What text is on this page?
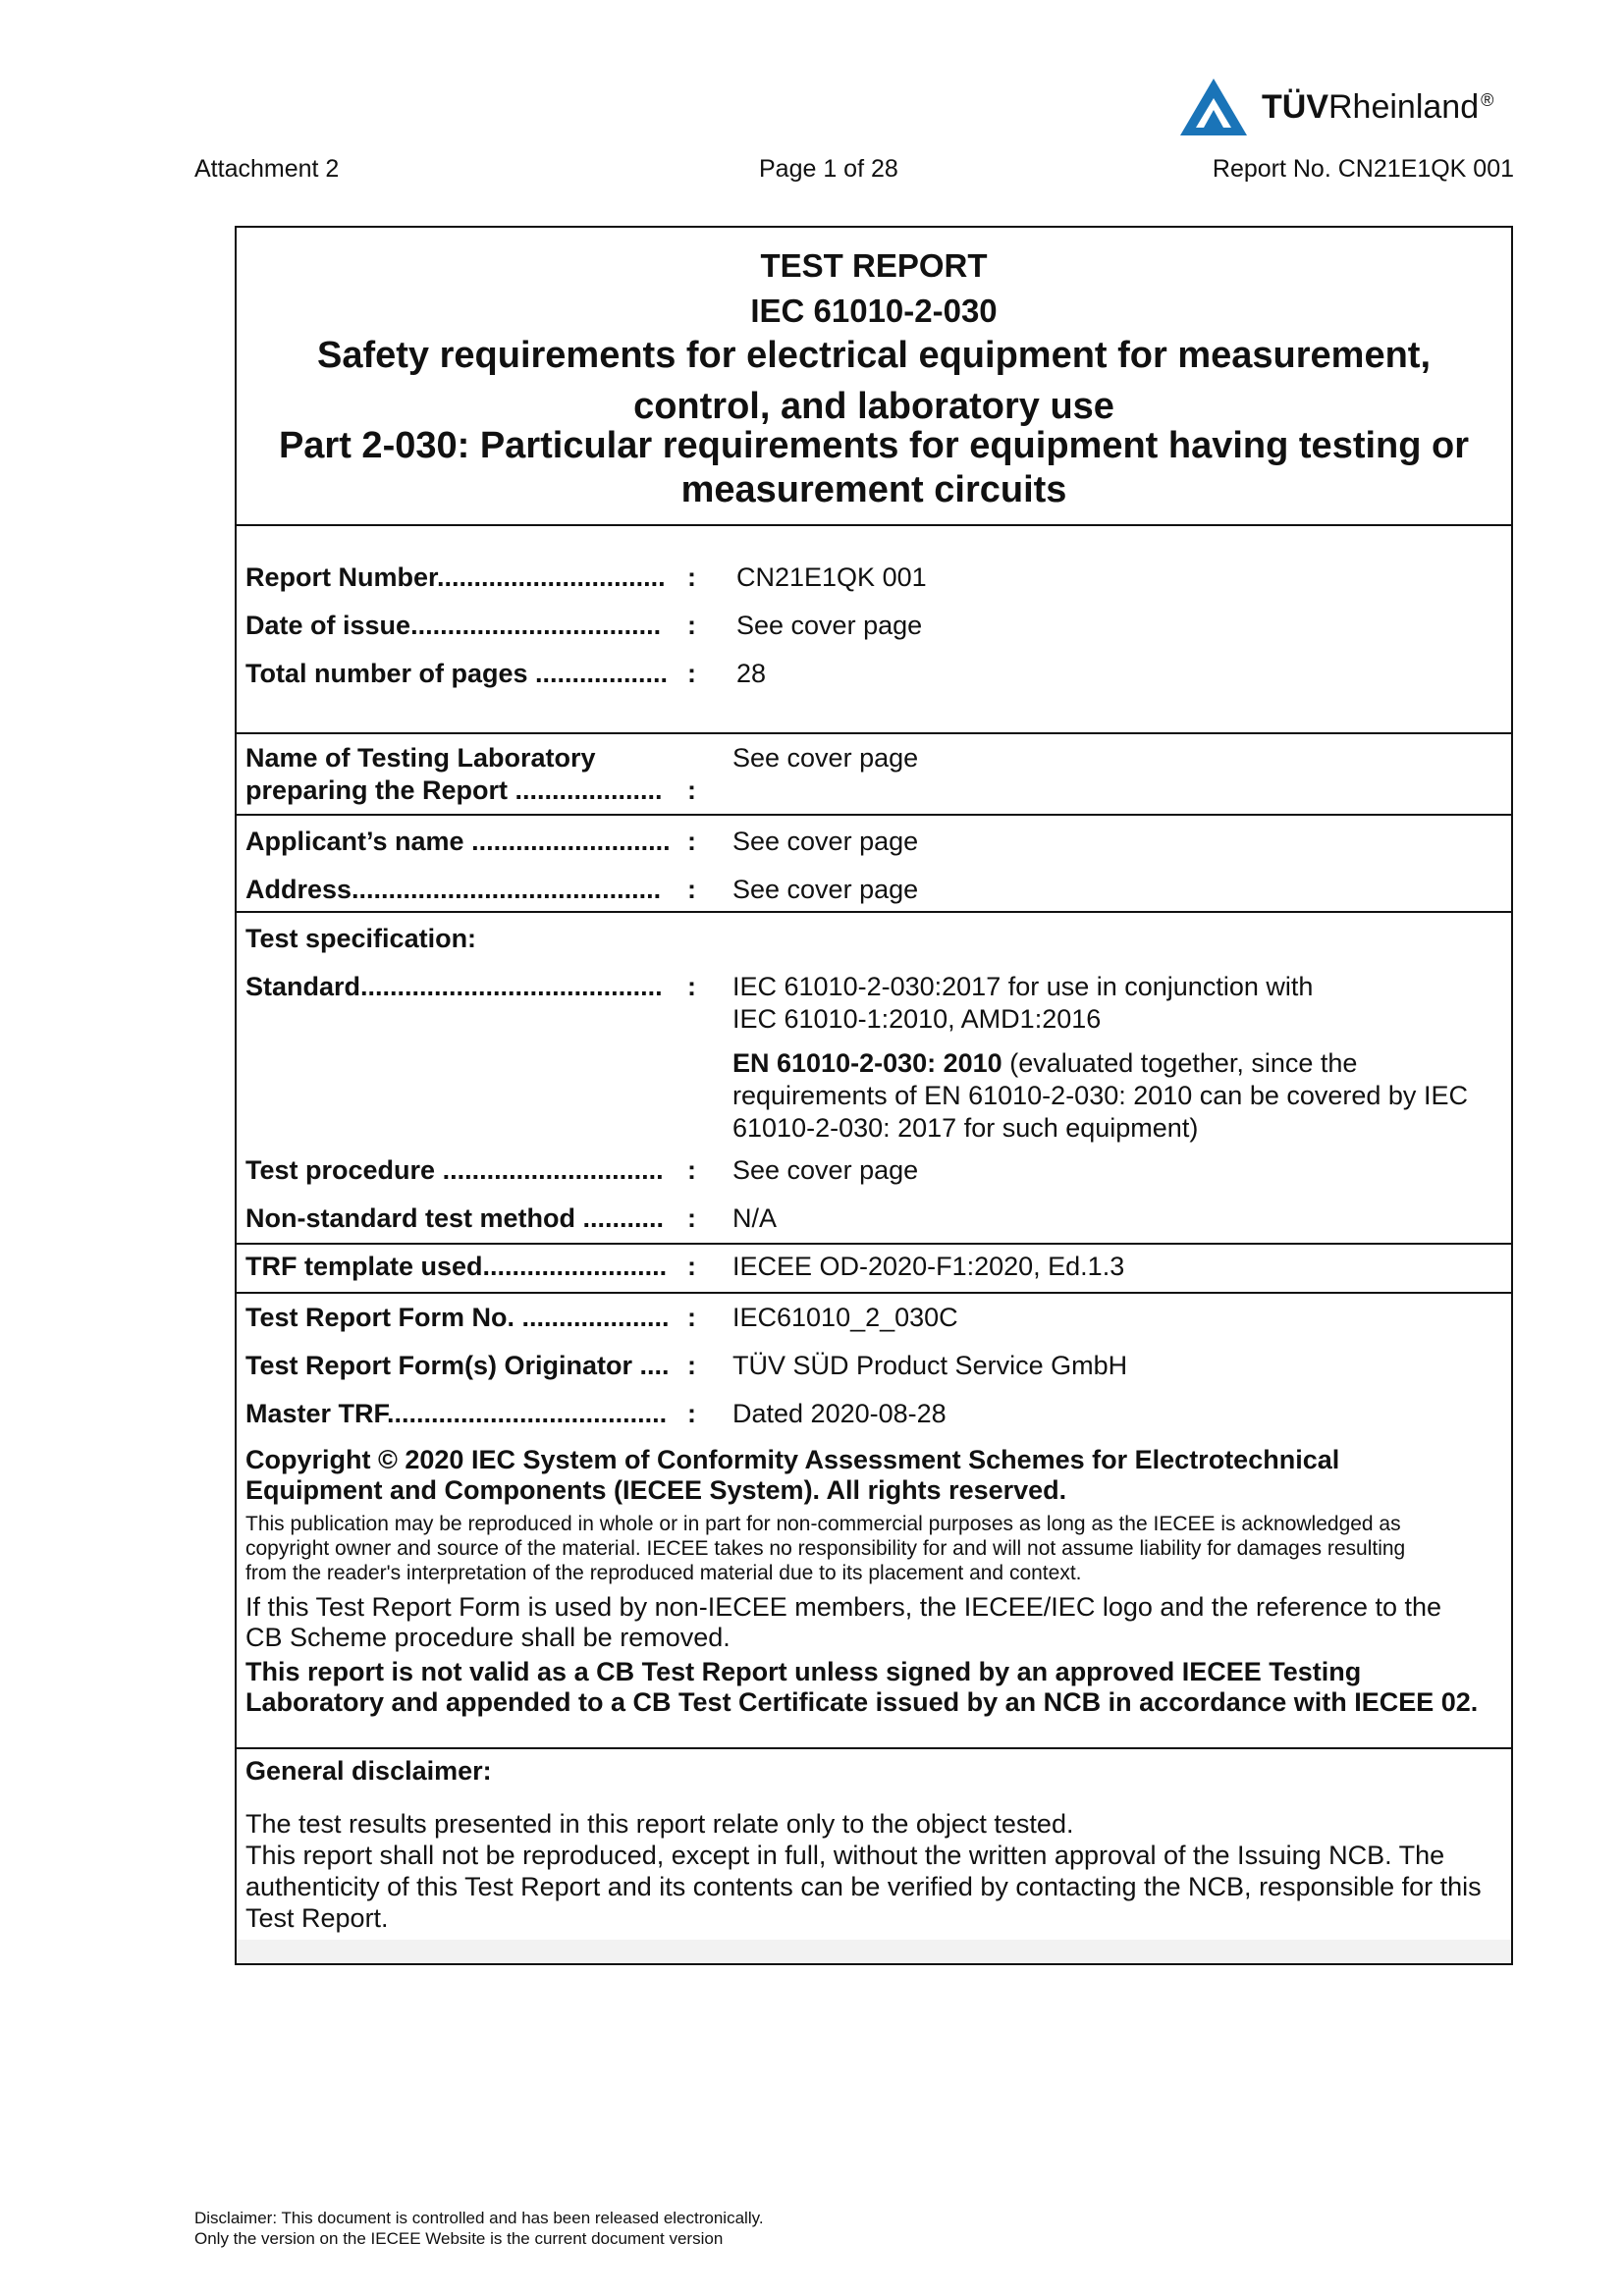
TÜVRheinland ®
Attachment 2	Page 1 of 28	Report No. CN21E1QK 001
TEST REPORT
IEC 61010-2-030
Safety requirements for electrical equipment for measurement,
control, and laboratory use
Part 2-030: Particular requirements for equipment having testing or
measurement circuits
Report Number............................... : CN21E1QK 001
Date of issue.................................. : See cover page
Total number of pages .................. : 28
Name of Testing Laboratory
preparing the Report .................... :
See cover page
Applicant’s name ........................... : See cover page
Address.......................................... : See cover page
Test specification:
Standard......................................... : IEC 61010-2-030:2017 for use in conjunction with
IEC 61010-1:2010, AMD1:2016
EN 61010-2-030: 2010 (evaluated together, since the
requirements of EN 61010-2-030: 2010 can be covered by IEC
61010-2-030: 2017 for such equipment)
Test procedure .............................. : See cover page
Non-standard test method ........... : N/A
TRF template used......................... : IECEE OD-2020-F1:2020, Ed.1.3
Test Report Form No. .................... : IEC61010_2_030C
Test Report Form(s) Originator .... : TÜV SÜD Product Service GmbH
Master TRF...................................... : Dated 2020-08-28
Copyright © 2020 IEC System of Conformity Assessment Schemes for Electrotechnical
Equipment and Components (IECEE System). All rights reserved.
This publication may be reproduced in whole or in part for non-commercial purposes as long as the IECEE is acknowledged as
copyright owner and source of the material. IECEE takes no responsibility for and will not assume liability for damages resulting
from the reader's interpretation of the reproduced material due to its placement and context.
If this Test Report Form is used by non-IECEE members, the IECEE/IEC logo and the reference to the
CB Scheme procedure shall be removed.
This report is not valid as a CB Test Report unless signed by an approved IECEE Testing
Laboratory and appended to a CB Test Certificate issued by an NCB in accordance with IECEE 02.
General disclaimer:
The test results presented in this report relate only to the object tested.
This report shall not be reproduced, except in full, without the written approval of the Issuing NCB. The
authenticity of this Test Report and its contents can be verified by contacting the NCB, responsible for this
Test Report.
Disclaimer: This document is controlled and has been released electronically.
Only the version on the IECEE Website is the current document version
